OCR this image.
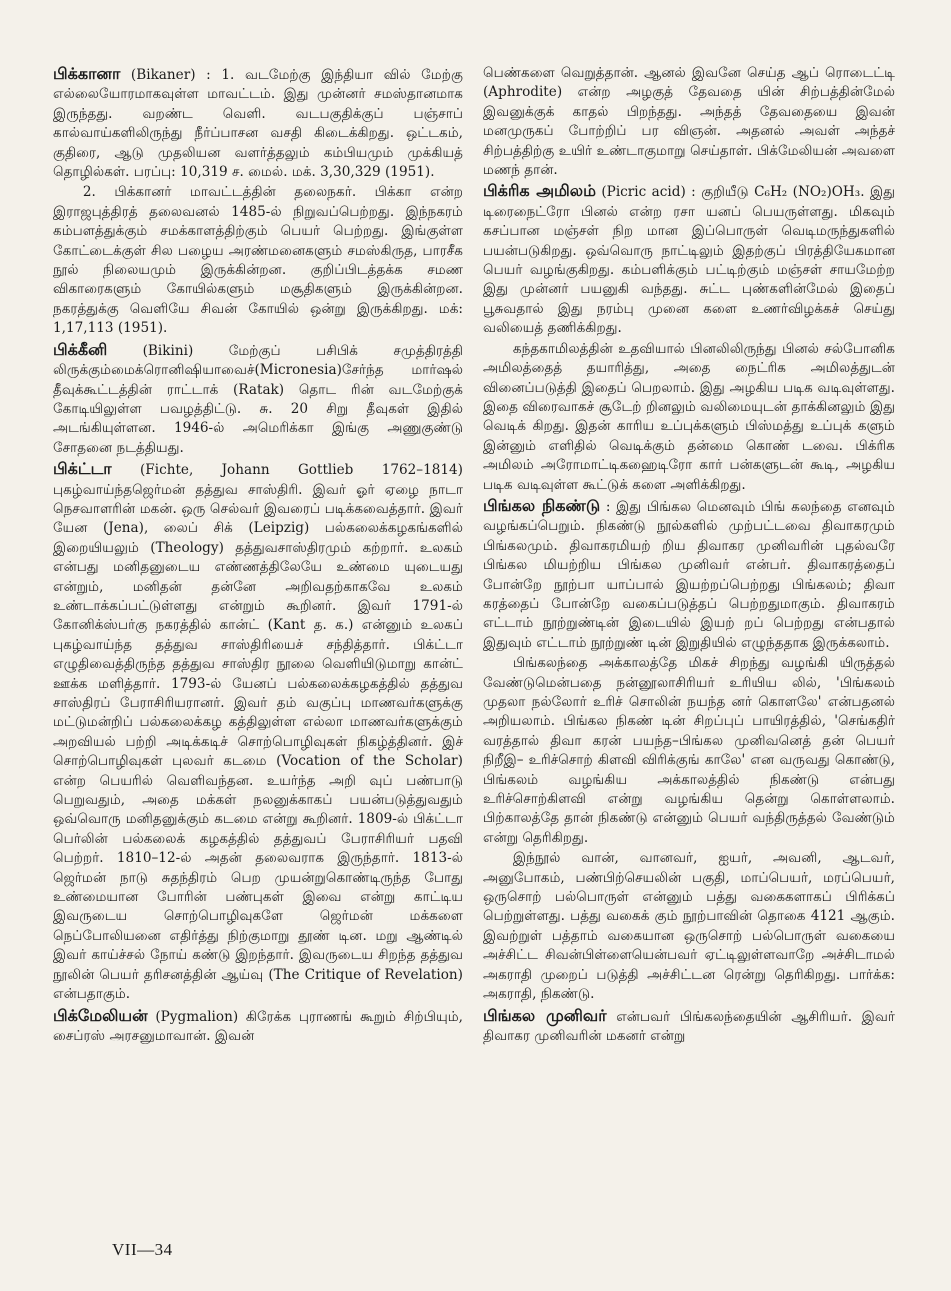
பிக்கானா (Bikaner) : 1. வடமேற்கு இந்தியா வில் மேற்கு எல்லையோரமாகவுள்ள மாவட்டம். இது முன்னர் சமஸ்தானமாக இருந்தது. வறண்ட வெளி. வடபகுதிக்குப் பஞ்சாப் கால்வாய்களிலிருந்து நீர்ப்பாசன வசதி கிடைக்கிறது. ஒட்டகம், குதிரை, ஆடு முதலியன வளர்த்தலும் கம்பியமும் முக்கியத் தொழில்கள். பரப்பு: 10,319 ச. மைல். மக். 3,30,329 (1951).

2. பிக்கானர் மாவட்டத்தின் தலைநகர். பிக்கா என்ற இராஜபுத்திரத் தலைவனல் 1485-ல் நிறுவப்பெற்றது. இந்நகரம் கம்பளத்துக்கும் சமக்காளத்திற்கும் பெயர் பெற்றது. இங்குள்ள கோட்டைக்குள் சில பழைய அரண்மனைகளும் சமஸ்கிருத, பாரசீக நூல் நிலையமும் இருக்கின்றன. குறிப்பிடத்தக்க சமண விகாரைகளும் கோயில்களும் மசூதிகளும் இருக்கின்றன. நகரத்துக்கு வெளியே சிவன் கோயில் ஒன்று இருக்கிறது. மக்: 1,17,113 (1951).

பிக்கீனி (Bikini) மேற்குப் பசிபிக் சமுத்திரத்தி லிருக்கும்மைக்ரொனிஷியாவைச்(Micronesia)சேர்ந்த மார்ஷல் தீவுக்கூட்டத்தின் ராட்டாக் (Ratak) தொட ரின் வடமேற்குக் கோடியிலுள்ள பவழத்திட்டு. சு. 20 சிறு தீவுகள் இதில் அடங்கியுள்ளன. 1946-ல் அமெரிக்கா இங்கு அணுகுண்டு சோதனை நடத்தியது.

பிக்ட்டா (Fichte, Johann Gottlieb 1762–1814) புகழ்வாய்ந்தஜெர்மன் தத்துவ சாஸ்திரி. இவர் ஓர் ஏழை நாடா நெசவாளரின் மகன். ஒரு செல்வர் இவரைப் படிக்கவைத்தார். இவர் யேன (Jena), லைப் சிக் (Leipzig) பல்கலைக்கழகங்களில் இறையியலும் (Theology) தத்துவசாஸ்திரமும் கற்றார். உலகம் என்பது மனிதனுடைய எண்ணத்திலேயே உண்மை யுடையது என்றும், மனிதன் தன்னே அறிவதற்காகவே உலகம் உண்டாக்கப்பட்டுள்ளது என்றும் கூறினர். இவர் 1791-ல் கோனிக்ஸ்பர்கு நகரத்தில் கான்ட் (Kant த. க.) என்னும் உலகப் புகழ்வாய்ந்த தத்துவ சாஸ்திரியைச் சந்தித்தார். பிக்ட்டா எழுதிவைத்திருந்த தத்துவ சாஸ்திர நூலை வெளியிடுமாறு கான்ட் ஊக்க மளித்தார். 1793-ல் யேனப் பல்கலைக்கழகத்தில் தத்துவ சாஸ்திரப் பேராசிரியரானர். இவர் தம் வகுப்பு மாணவர்களுக்கு மட்டுமன்றிப் பல்கலைக்கழ கத்திலுள்ள எல்லா மாணவர்களுக்கும் அறவியல் பற்றி அடிக்கடிச் சொற்பொழிவுகள் நிகழ்த்தினர். இச் சொற்பொழிவுகள் புலவர் கடமை (Vocation of the Scholar) என்ற பெயரில் வெளிவந்தன. உயர்ந்த அறி வுப் பண்பாடு பெறுவதும், அதை மக்கள் நலனுக்காகப் பயன்படுத்துவதும் ஒவ்வொரு மனிதனுக்கும் கடமை என்று கூறினர். 1809-ல் பிக்ட்டா பெர்லின் பல்கலைக் கழகத்தில் தத்துவப் பேராசிரியர் பதவி பெற்றர். 1810–12-ல் அதன் தலைவராக இருந்தார். 1813-ல் ஜெர்மன் நாடு சுதந்திரம் பெற முயன்றுகொண்டிருந்த போது உண்மையான போரின் பண்புகள் இவை என்று காட்டிய இவருடைய சொற்பொழிவுகளே ஜெர்மன் மக்களை நெப்போலியனை எதிர்த்து நிற்குமாறு தூண் டின. மறு ஆண்டில் இவர் காய்ச்சல் நோய் கண்டு இறந்தார். இவருடைய சிறந்த தத்துவ நூலின் பெயர் தரிசனத்தின் ஆய்வு (The Critique of Revelation) என்பதாகும்.

பிக்மேலியன் (Pygmalion) கிரேக்க புராணங் கூறும் சிற்பியும், சைப்ரஸ் அரசனுமாவான். இவன்

பெண்களை வெறுத்தான். ஆனல் இவனே செய்த ஆப் ரொடைட்டி (Aphrodite) என்ற அழகுத் தேவதை யின் சிற்பத்தின்மேல் இவனுக்குக் காதல் பிறந்தது. அந்தத் தேவதையை இவன் மனமுருகப் போற்றிப் பர விஞன். அதனல் அவள் அந்தச் சிற்பத்திற்கு உயிர் உண்டாகுமாறு செய்தாள். பிக்மேலியன் அவளை மணந் தான்.

பிக்ரிக அமிலம் (Picric acid) : குறியீடு C₆H₂ (NO₂)OH₃. இது டிரைநைட்ரோ பினல் என்ற ரசா யனப் பெயருள்ளது. மிகவும் கசப்பான மஞ்சள் நிற மான இப்பொருள் வெடிமருந்துகளில் பயன்படுகிறது. ஒவ்வொரு நாட்டிலும் இதற்குப் பிரத்தியேகமான பெயர் வழங்குகிறது. கம்பளிக்கும் பட்டிற்கும் மஞ்சள் சாயமேற்ற இது முன்னர் பயனுகி வந்தது. சுட்ட புண்களின்மேல் இதைப் பூசுவதால் இது நரம்பு முனை களை உணர்விழக்கச் செய்து வலியைத் தணிக்கிறது.

கந்தகாமிலத்தின் உதவியால் பினலிலிருந்து பினல் சல்போனிக அமிலத்தைத் தயாரித்து, அதை நைட்ரிக அமிலத்துடன் வினைப்படுத்தி இதைப் பெறலாம். இது அழகிய படிக வடிவுள்ளது. இதை விரைவாகச் சூடேற் றினலும் வலிமையுடன் தாக்கினலும் இது வெடிக் கிறது. இதன் காரிய உப்புக்களும் பிஸ்மத்து உப்புக் களும் இன்னும் எளிதில் வெடிக்கும் தன்மை கொண் டவை. பிக்ரிக அமிலம் அரோமாட்டிகஹைடிரோ கார் பன்களுடன் கூடி, அழகிய படிக வடிவுள்ள கூட்டுக் களை அளிக்கிறது.

பிங்கல நிகண்டு : இது பிங்கல மெனவும் பிங் கலந்தை எனவும் வழங்கப்பெறும். நிகண்டு நூல்களில் முற்பட்டவை திவாகரமும் பிங்கலமும். திவாகரமியற் றிய திவாகர முனிவரின் புதல்வரே பிங்கல மியற்றிய பிங்கல முனிவர் என்பர். திவாகரத்தைப் போன்றே நூற்பா யாப்பால் இயற்றப்பெற்றது பிங்கலம்; திவா கரத்தைப் போன்றே வகைப்படுத்தப் பெற்றதுமாகும். திவாகரம் எட்டாம் நூற்றுண்டின் இடையில் இயற் றப் பெற்றது என்பதால் இதுவும் எட்டாம் நூற்றுண் டின் இறுதியில் எழுந்ததாக இருக்கலாம்.

பிங்கலந்தை அக்காலத்தே மிகச் சிறந்து வழங்கி யிருத்தல் வேண்டுமென்பதை நன்னூலாசிரியர் உரியிய லில், 'பிங்கலம் முதலா நல்லோர் உரிச் சொலின் நயந்த னர் கொளலே' என்பதனல் அறியலாம். பிங்கல நிகண் டின் சிறப்புப் பாயிரத்தில், 'செங்கதிர் வரத்தால் திவா கரன் பயந்த–பிங்கல முனிவனெத் தன் பெயர் நிறீஇ– உரிச்சொற் கிளவி விரிக்குங் காலே' என வருவது கொண்டு, பிங்கலம் வழங்கிய அக்காலத்தில் நிகண்டு என்பது உரிச்சொற்கிளவி என்று வழங்கிய தென்று கொள்ளலாம். பிற்காலத்தே தான் நிகண்டு என்னும் பெயர் வந்திருத்தல் வேண்டும் என்று தெரிகிறது.

இந்நூல் வான், வானவர், ஐயர், அவனி, ஆடவர், அனுபோகம், பண்பிற்செயலின் பகுதி, மாப்பெயர், மரப்பெயர், ஒருசொற் பல்பொருள் என்னும் பத்து வகைகளாகப் பிரிக்கப் பெற்றுள்ளது. பத்து வகைக் கும் நூற்பாவின் தொகை 4121 ஆகும். இவற்றுள் பத்தாம் வகையான ஒருசொற் பல்பொருள் வகையை அச்சிட்ட சிவன்பிள்ளையென்பவர் ஏட்டிலுள்ளவாறே அச்சிடாமல் அகராதி முறைப் படுத்தி அச்சிட்டன ரென்று தெரிகிறது. பார்க்க: அகராதி, நிகண்டு.

பிங்கல முனிவர் என்பவர் பிங்கலந்தையின் ஆசிரியர். இவர் திவாகர முனிவரின் மகனர் என்று

VII—34
